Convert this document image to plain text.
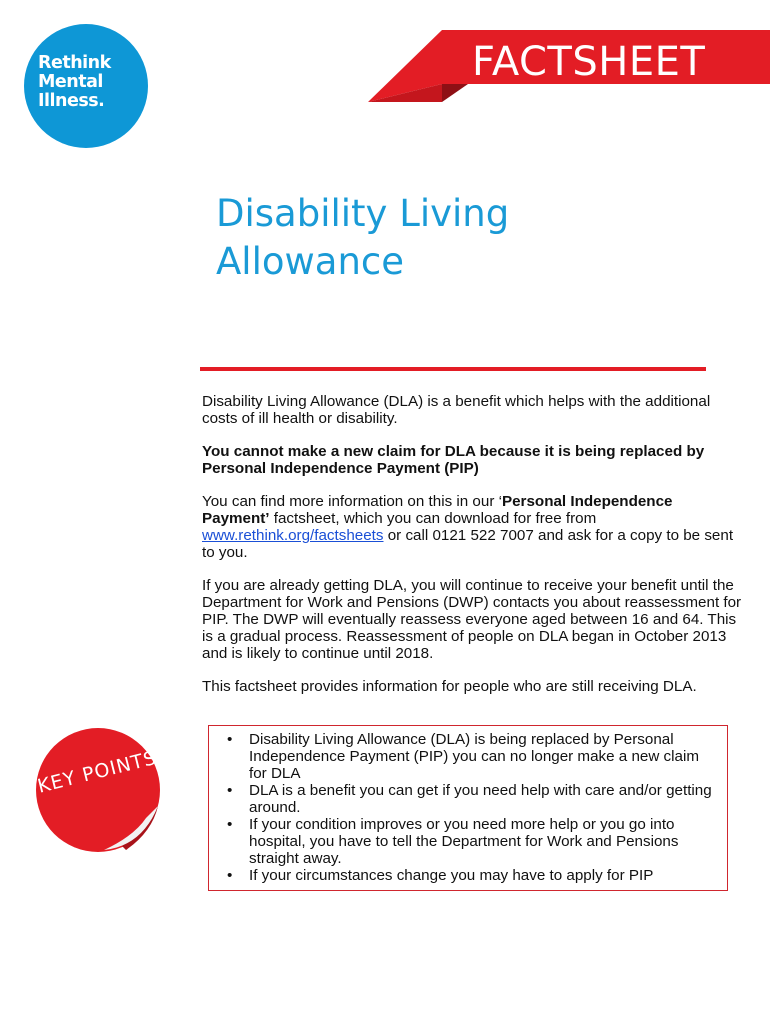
Rethink
Mental
Illness.
FACTSHEET
Disability Living
Allowance

Disability Living Allowance (DLA) is a benefit which helps with the additional costs of ill health or disability.

You cannot make a new claim for DLA because it is being replaced by Personal Independence Payment (PIP)

You can find more information on this in our ‘Personal Independence Payment’ factsheet, which you can download for free from www.rethink.org/factsheets or call 0121 522 7007 and ask for a copy to be sent to you.

If you are already getting DLA, you will continue to receive your benefit until the Department for Work and Pensions (DWP) contacts you about reassessment for PIP. The DWP will eventually reassess everyone aged between 16 and 64. This is a gradual process. Reassessment of people on DLA began in October 2013 and is likely to continue until 2018.

This factsheet provides information for people who are still receiving DLA.

KEY POINTS
• Disability Living Allowance (DLA) is being replaced by Personal Independence Payment (PIP) you can no longer make a new claim for DLA
• DLA is a benefit you can get if you need help with care and/or getting around.
• If your condition improves or you need more help or you go into hospital, you have to tell the Department for Work and Pensions straight away.
• If your circumstances change you may have to apply for PIP
